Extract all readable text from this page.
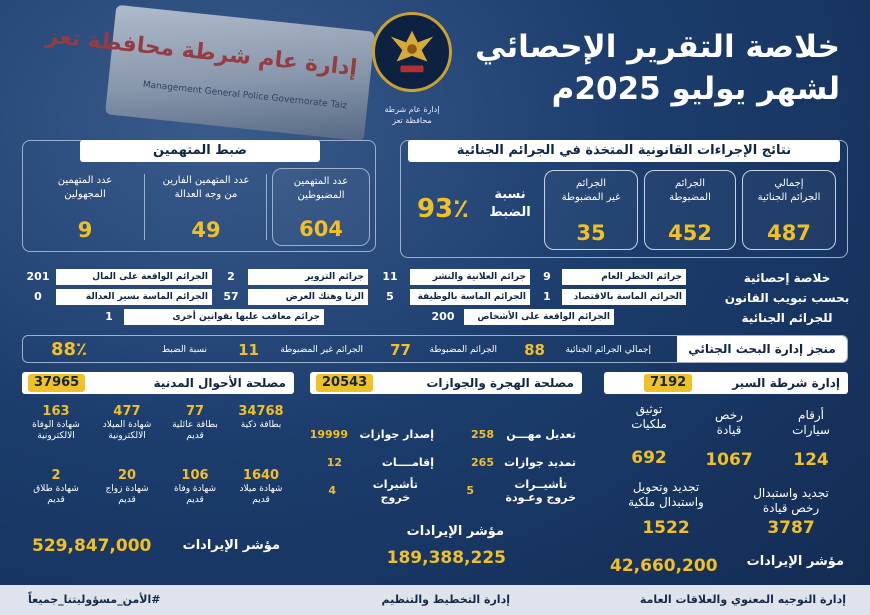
إدارة عام شرطة محافظة تعز
Management General Police Governorate Taiz	إدارة عام شرطة
محافظة تعز
خلاصة التقرير الإحصائي
لشهر يوليو 2025م
نتائج الإجراءات القانونية المتخذة في الجرائم الجنائية
إجمالي
الجرائم الجنائية
487
الجرائم
المضبوطة
452
الجرائم
غير المضبوطة
35
نسبة
الضبط
93٪
ضبط المتهمين
عدد المتهمين
المضبوطين
604
عدد المتهمين الفارين
من وجه العدالة
49
عدد المتهمين
المجهولين
9
خلاصة إحصائية
بحسب تبويب القانون
للجرائم الجنائية
جرائم الخطر العام
9
جرائم العلانية والنشر
11
جرائم التزوير
2
الجرائم الواقعة على المال
201
الجرائم الماسة بالاقتصاد
1
الجرائم الماسة بالوظيفة
5
الزنا وهتك العرض
57
الجرائم الماسة بسير العدالة
0
الجرائم الواقعة على الأشخاص
200
جرائم معاقب عليها بقوانين أخرى
1
منجز إدارة البحث الجنائي
إجمالي الجرائم الجنائية
88
الجرائم المضبوطة
77
الجرائم غير المضبوطة
11
نسبة الضبط
88٪
إدارة شرطة السير
7192
أرقام
سيارات
124
رخص
قيادة
1067
توثيق
ملكيات
692
تجديد واستبدال
رخص قيادة
3787
تجديد وتحويل
واستبدال ملكية
1522
مؤشر الإيرادات
42,660,200
مصلحة الهجرة والجوازات
20543
تعديل مهـــن
258
إصدار جوازات
19999
تمديد جوازات
265
إقامــــات
12
تأشيــرات
خروج وعـودة
5
تأشيرات
خروج
4
مؤشر الإيرادات
189,388,225
مصلحة الأحوال المدنية
37965
34768
بطاقة ذكية
77
بطاقة عائلية
قديم
477
شهادة الميلاد
الالكترونية
163
شهادة الوفاة
الالكترونية
1640
شهادة ميلاد
قديم
106
شهادة وفاة
قديم
20
شهادة زواج
قديم
2
شهادة طلاق
قديم
مؤشر الإيرادات
529,847,000
إدارة التوجيه المعنوي والعلاقات العامة
إدارة التخطيط والتنظيم
#الأمن_مسؤوليتنا_جميعاً
